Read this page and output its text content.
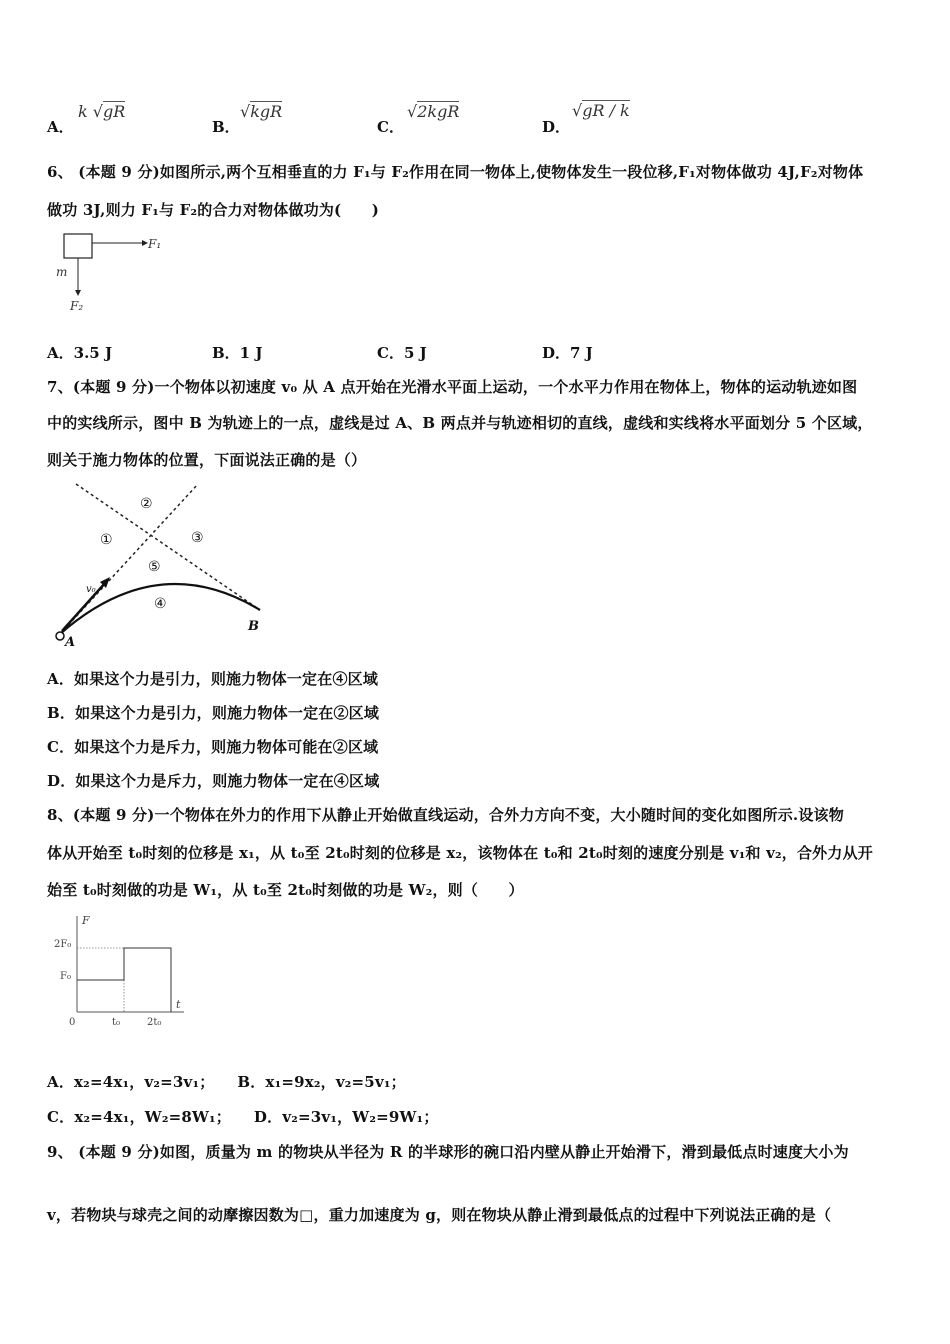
A．
k √gR
B．
√kgR
C．
√2kgR
D．
√gR / k
6、 (本题 9 分)如图所示,两个互相垂直的力 F₁与 F₂作用在同一物体上,使物体发生一段位移,F₁对物体做功 4J,F₂对物体
做功 3J,则力 F₁与 F₂的合力对物体做功为(　　)
F₁
m
F₂
A．3.5 J	B．1 J	C．5 J	D．7 J
7、(本题 9 分)一个物体以初速度 v₀ 从 A 点开始在光滑水平面上运动，一个水平力作用在物体上，物体的运动轨迹如图
中的实线所示，图中 B 为轨迹上的一点，虚线是过 A、B 两点并与轨迹相切的直线，虚线和实线将水平面划分 5 个区域，
则关于施力物体的位置，下面说法正确的是（）
A
B
v₀
①
②
③
⑤
④
A．如果这个力是引力，则施力物体一定在④区域
B．如果这个力是引力，则施力物体一定在②区域
C．如果这个力是斥力，则施力物体可能在②区域
D．如果这个力是斥力，则施力物体一定在④区域
8、(本题 9 分)一个物体在外力的作用下从静止开始做直线运动，合外力方向不变，大小随时间的变化如图所示.设该物
体从开始至 t₀时刻的位移是 x₁，从 t₀至 2t₀时刻的位移是 x₂，该物体在 t₀和 2t₀时刻的速度分别是 v₁和 v₂，合外力从开
始至 t₀时刻做的功是 W₁，从 t₀至 2t₀时刻做的功是 W₂，则（　　）
F
t
2F₀
F₀
0	t₀	2t₀
A．x₂=4x₁，v₂=3v₁；　　B．x₁=9x₂，v₂=5v₁；
C．x₂=4x₁，W₂=8W₁；　　D．v₂=3v₁，W₂=9W₁；
9、 (本题 9 分)如图，质量为 m 的物块从半径为 R 的半球形的碗口沿内壁从静止开始滑下，滑到最低点时速度大小为
v，若物块与球壳之间的动摩擦因数为□，重力加速度为 g，则在物块从静止滑到最低点的过程中下列说法正确的是（
